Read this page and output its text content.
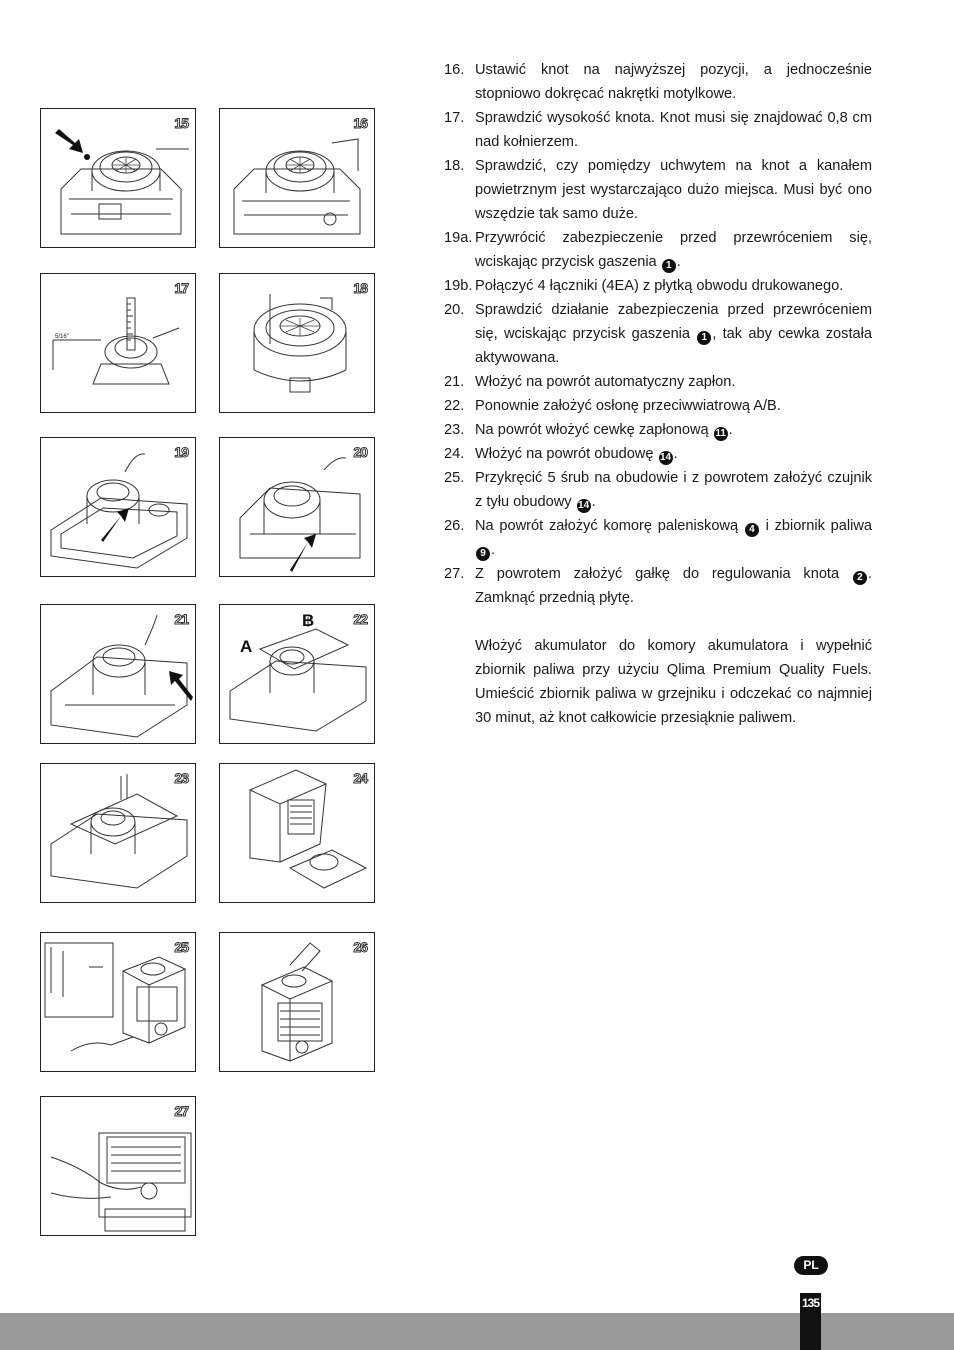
15	16
5/16"
17	18
19	20
21
A
B	22
23	24
25	26
27
16. Ustawić knot na najwyższej pozycji, a jednocześnie stopniowo dokręcać nakrętki motylkowe.
17. Sprawdzić wysokość knota. Knot musi się znajdować 0,8 cm nad kołnierzem.
18. Sprawdzić, czy pomiędzy uchwytem na knot a kanałem powietrznym jest wystarczająco dużo miejsca. Musi być ono wszędzie tak samo duże.
19a. Przywrócić zabezpieczenie przed przewróceniem się, wciskając przycisk gaszenia 1 .
19b. Połączyć 4 łączniki (4EA) z płytką obwodu drukowanego.
20. Sprawdzić działanie zabezpieczenia przed przewróceniem się, wciskając przycisk gaszenia 1 , tak aby cewka została aktywowana.
21. Włożyć na powrót automatyczny zapłon.
22. Ponownie założyć osłonę przeciwwiatrową A/B.
23. Na powrót włożyć cewkę zapłonową 11 .
24. Włożyć na powrót obudowę 14 .
25. Przykręcić 5 śrub na obudowie i z powrotem założyć czujnik z tyłu obudowy 14 .
26. Na powrót założyć komorę paleniskową 4 i zbiornik paliwa 9 .
27. Z powrotem założyć gałkę do regulowania knota 2 . Zamknąć przednią płytę.
Włożyć akumulator do komory akumulatora i wypełnić zbiornik paliwa przy użyciu Qlima Premium Quality Fuels. Umieścić zbiornik paliwa w grzejniku i odczekać co najmniej 30 minut, aż knot całkowicie przesiąknie paliwem.
PL
135
